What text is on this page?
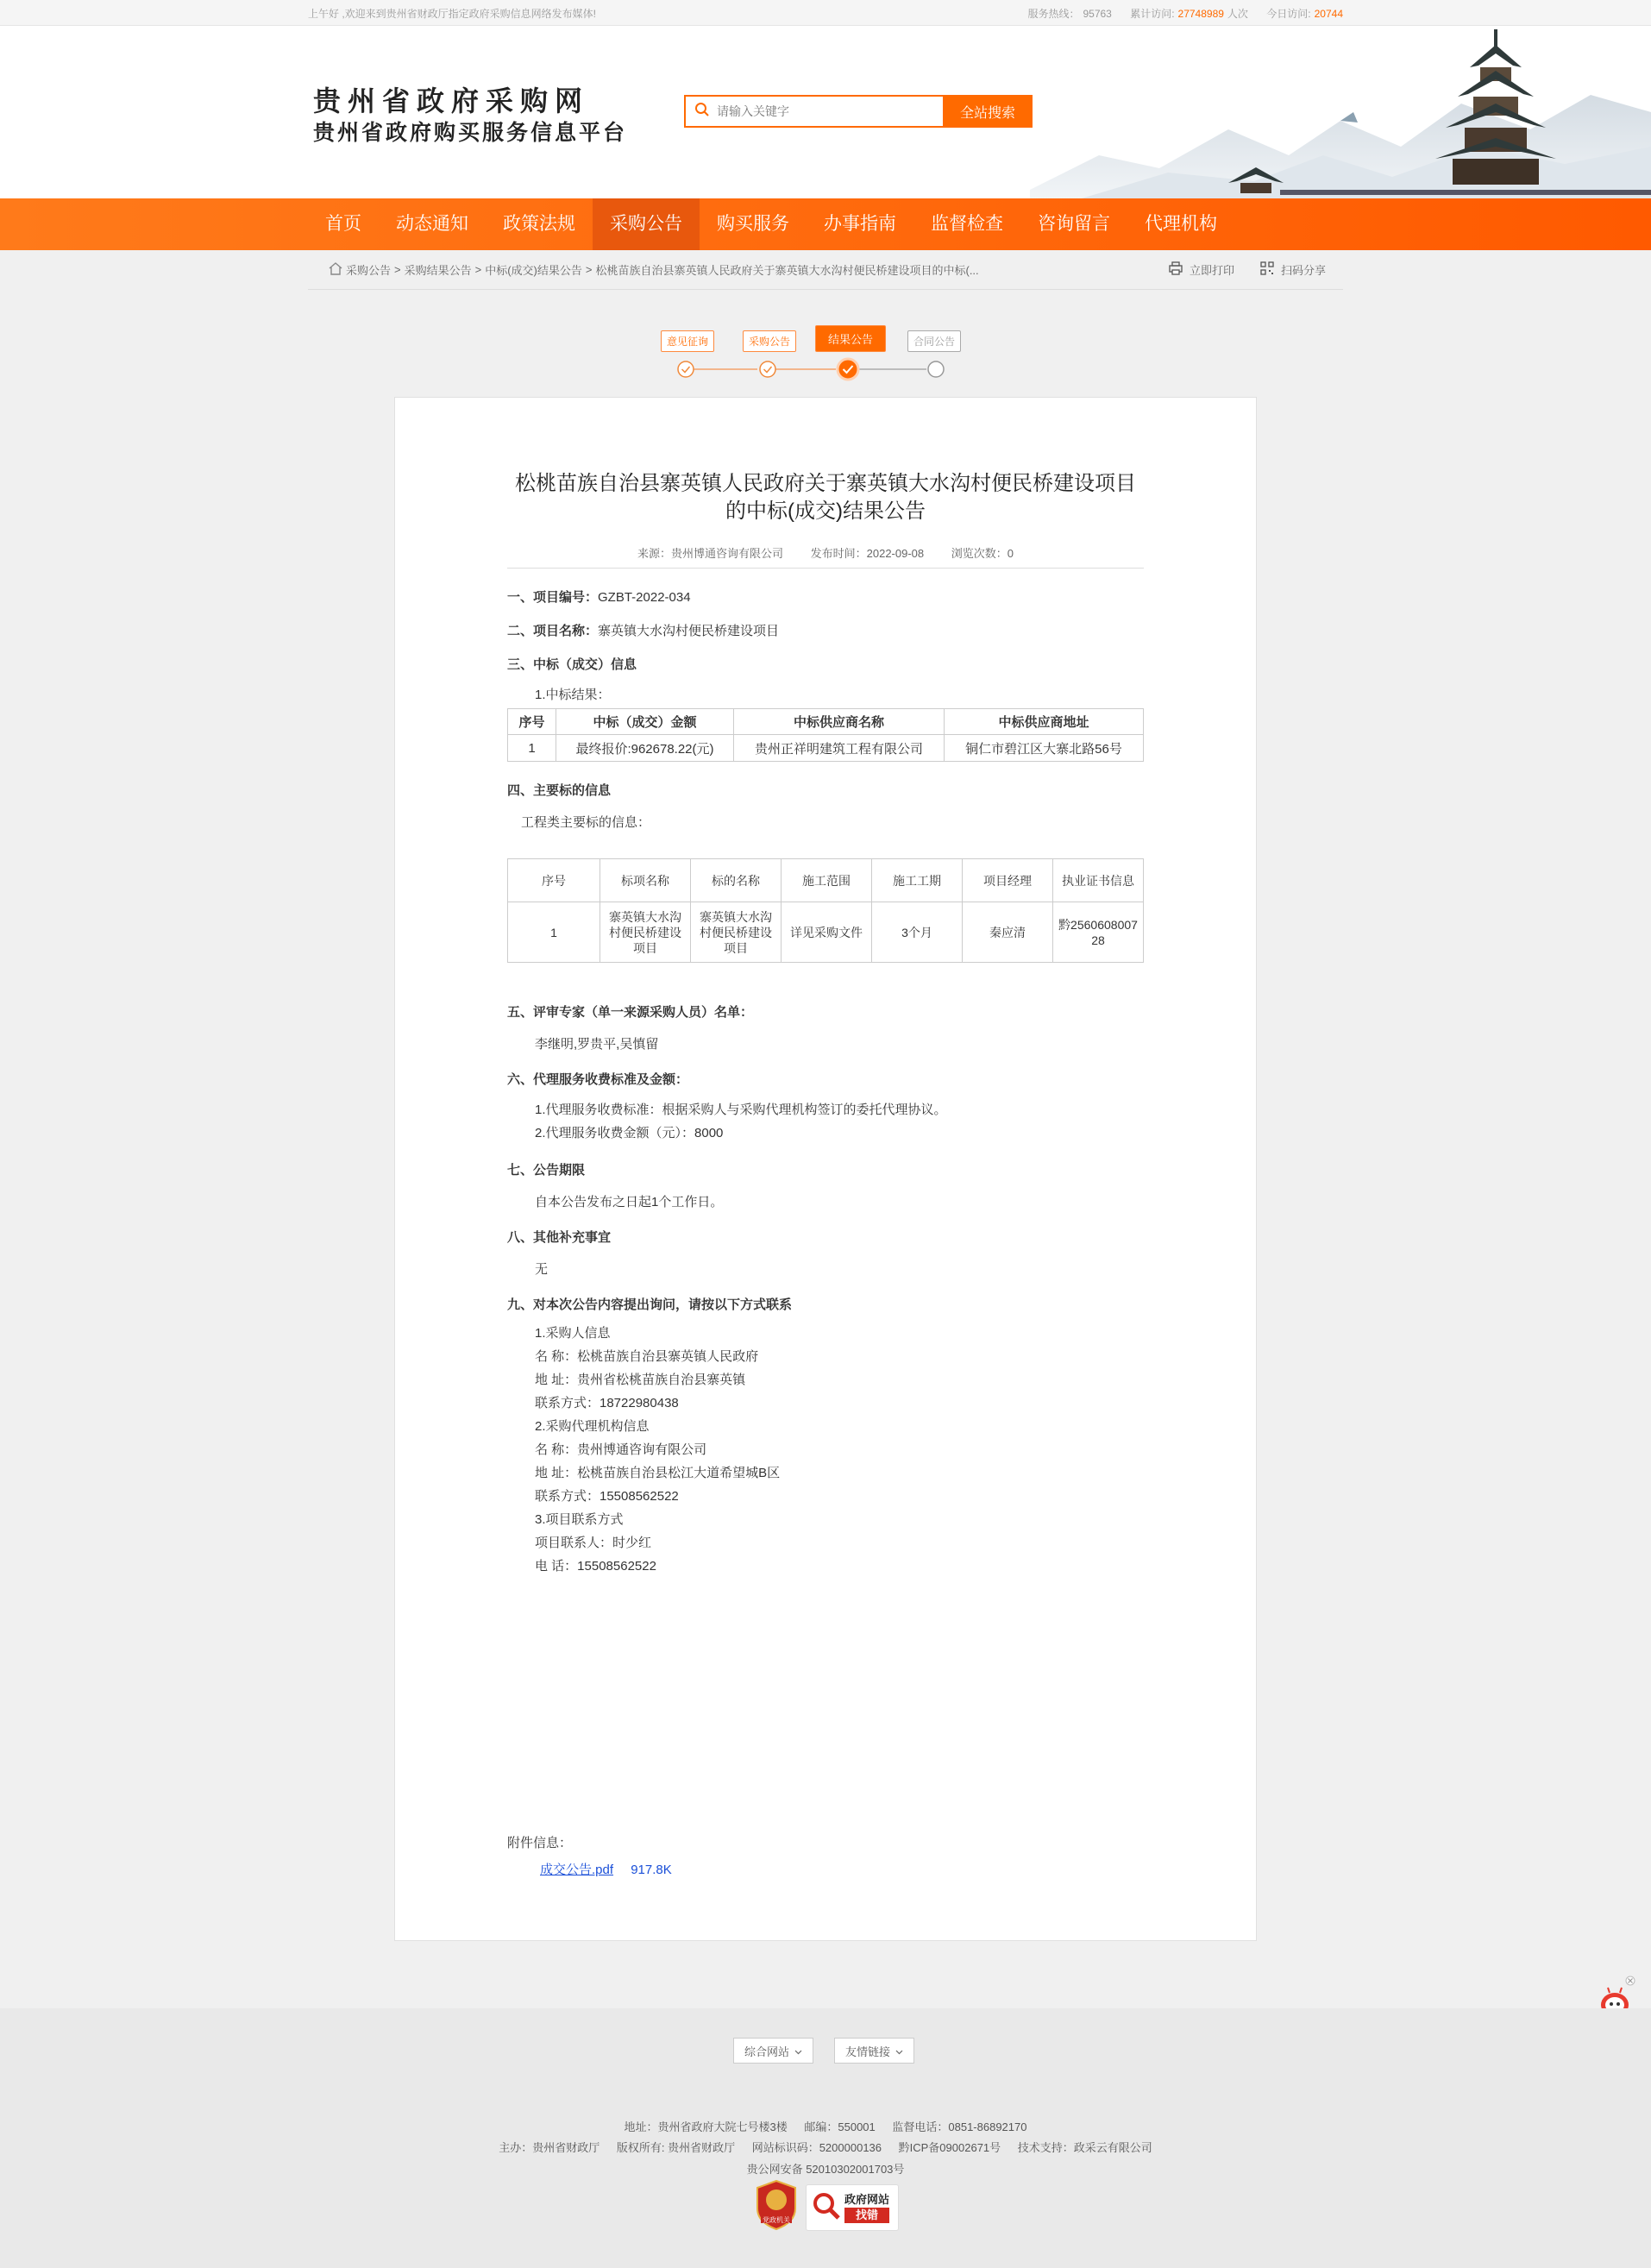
上午好 ,欢迎来到贵州省财政厅指定政府采购信息网络发布媒体!	服务热线： 95763 累计访问: 27748989 人次 今日访问: 20744
贵州省政府采购网
贵州省政府购买服务信息平台
请输入关键字
全站搜索
首页	动态通知	政策法规	采购公告	购买服务	办事指南	监督检查	咨询留言	代理机构
采购公告 > 采购结果公告 > 中标(成交)结果公告 > 松桃苗族自治县寨英镇人民政府关于寨英镇大水沟村便民桥建设项目的中标(...	立即打印	扫码分享
意见征询	采购公告	结果公告	合同公告
松桃苗族自治县寨英镇人民政府关于寨英镇大水沟村便民桥建设项目
的中标(成交)结果公告
来源：贵州博通咨询有限公司 发布时间：2022-09-08 浏览次数：0
一、项目编号：GZBT-2022-034
二、项目名称：寨英镇大水沟村便民桥建设项目
三、中标（成交）信息
1.中标结果：
序号	中标（成交）金额	中标供应商名称	中标供应商地址
1	最终报价:962678.22(元)	贵州正祥明建筑工程有限公司	铜仁市碧江区大寨北路56号
四、主要标的信息
工程类主要标的信息：
序号	标项名称	标的名称	施工范围	施工工期	项目经理	执业证书信息
1	寨英镇大水沟村便民桥建设项目	寨英镇大水沟村便民桥建设项目	详见采购文件	3个月	秦应清	黔256060800728
五、评审专家（单一来源采购人员）名单：
李继明,罗贵平,吴慎留
六、代理服务收费标准及金额：
1.代理服务收费标准：根据采购人与采购代理机构签订的委托代理协议。
2.代理服务收费金额（元）：8000
七、公告期限
自本公告发布之日起1个工作日。
八、其他补充事宜
无
九、对本次公告内容提出询问，请按以下方式联系
1.采购人信息
名 称：松桃苗族自治县寨英镇人民政府
地 址：贵州省松桃苗族自治县寨英镇
联系方式：18722980438
2.采购代理机构信息
名 称：贵州博通咨询有限公司
地 址：松桃苗族自治县松江大道希望城B区
联系方式：15508562522
3.项目联系方式
项目联系人：时少红
电 话：15508562522
附件信息：
成交公告.pdf 917.8K
综合网站	友情链接
地址：贵州省政府大院七号楼3楼 邮编：550001 监督电话：0851-86892170
主办：贵州省财政厅 版权所有: 贵州省财政厅 网站标识码：5200000136 黔ICP备09002671号 技术支持：政采云有限公司
贵公网安备 52010302001703号
党政机关
政府网站
找错
